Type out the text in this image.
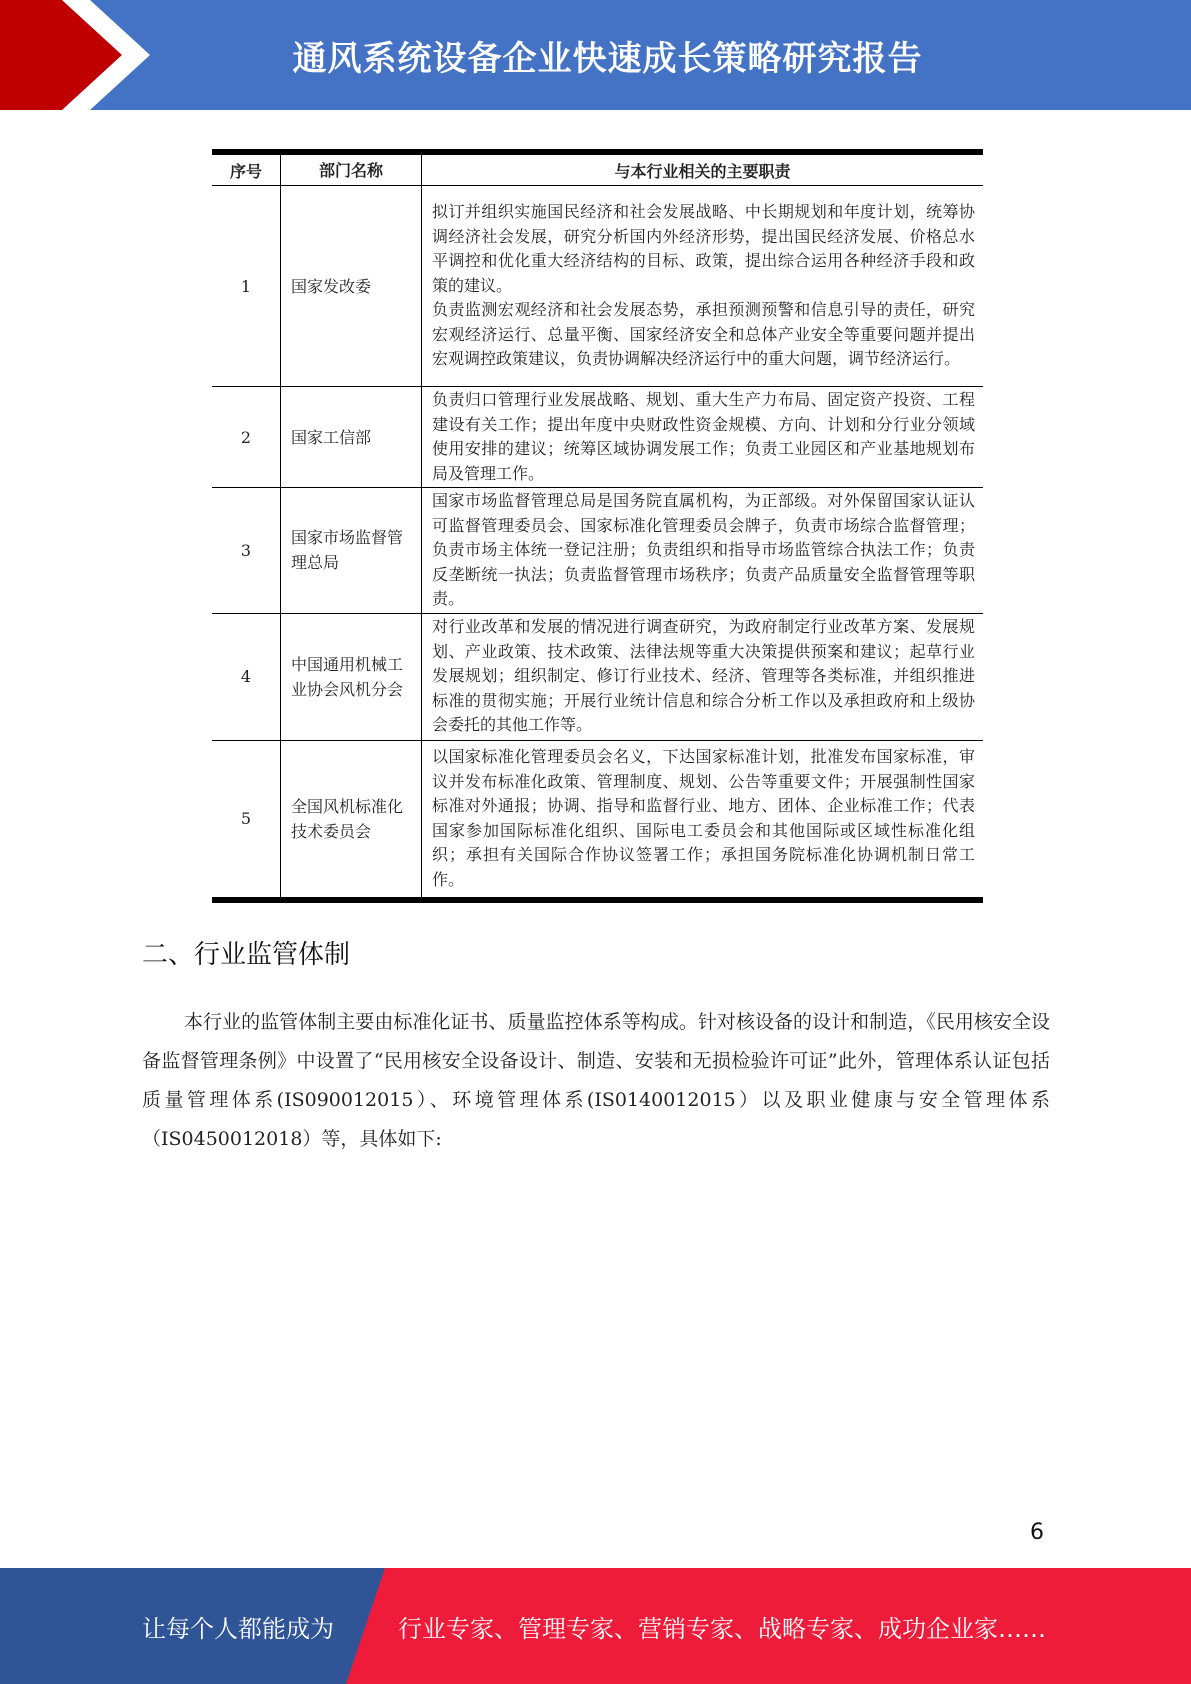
通风系统设备企业快速成长策略研究报告
序号	部门名称	与本行业相关的主要职责
1	国家发改委	拟订并组织实施国民经济和社会发展战略、中长期规划和年度计划，统筹协调经济社会发展，研究分析国内外经济形势，提出国民经济发展、价格总水平调控和优化重大经济结构的目标、政策，提出综合运用各种经济手段和政策的建议。
负责监测宏观经济和社会发展态势，承担预测预警和信息引导的责任，研究宏观经济运行、总量平衡、国家经济安全和总体产业安全等重要问题并提出宏观调控政策建议，负责协调解决经济运行中的重大问题，调节经济运行。

2	国家工信部	负责归口管理行业发展战略、规划、重大生产力布局、固定资产投资、工程建设有关工作；提出年度中央财政性资金规模、方向、计划和分行业分领域使用安排的建议；统筹区域协调发展工作；负责工业园区和产业基地规划布局及管理工作。
3	国家市场监督管理总局	国家市场监督管理总局是国务院直属机构，为正部级。对外保留国家认证认可监督管理委员会、国家标准化管理委员会牌子，负责市场综合监督管理；负责市场主体统一登记注册；负责组织和指导市场监管综合执法工作；负责反垄断统一执法；负责监督管理市场秩序；负责产品质量安全监督管理等职责。
4	中国通用机械工业协会风机分会	对行业改革和发展的情况进行调查研究，为政府制定行业改革方案、发展规划、产业政策、技术政策、法律法规等重大决策提供预案和建议；起草行业发展规划；组织制定、修订行业技术、经济、管理等各类标准，并组织推进标准的贯彻实施；开展行业统计信息和综合分析工作以及承担政府和上级协会委托的其他工作等。
5	全国风机标准化技术委员会	以国家标准化管理委员会名义，下达国家标准计划，批准发布国家标准，审议并发布标准化政策、管理制度、规划、公告等重要文件；开展强制性国家标准对外通报；协调、指导和监督行业、地方、团体、企业标准工作；代表国家参加国际标准化组织、国际电工委员会和其他国际或区域性标准化组织；承担有关国际合作协议签署工作；承担国务院标准化协调机制日常工作。
二、行业监管体制

本行业的监管体制主要由标准化证书、质量监控体系等构成。针对核设备的设计和制造，《民用核安全设备监督管理条例》中设置了“民用核安全设备设计、制造、安装和无损检验许可证”此外，管理体系认证包括质量管理体系(IS090012015）、环境管理体系(IS0140012015）以及职业健康与安全管理体系（IS0450012018）等，具体如下:

6
让每个人都能成为	行业专家、管理专家、营销专家、战略专家、成功企业家……
